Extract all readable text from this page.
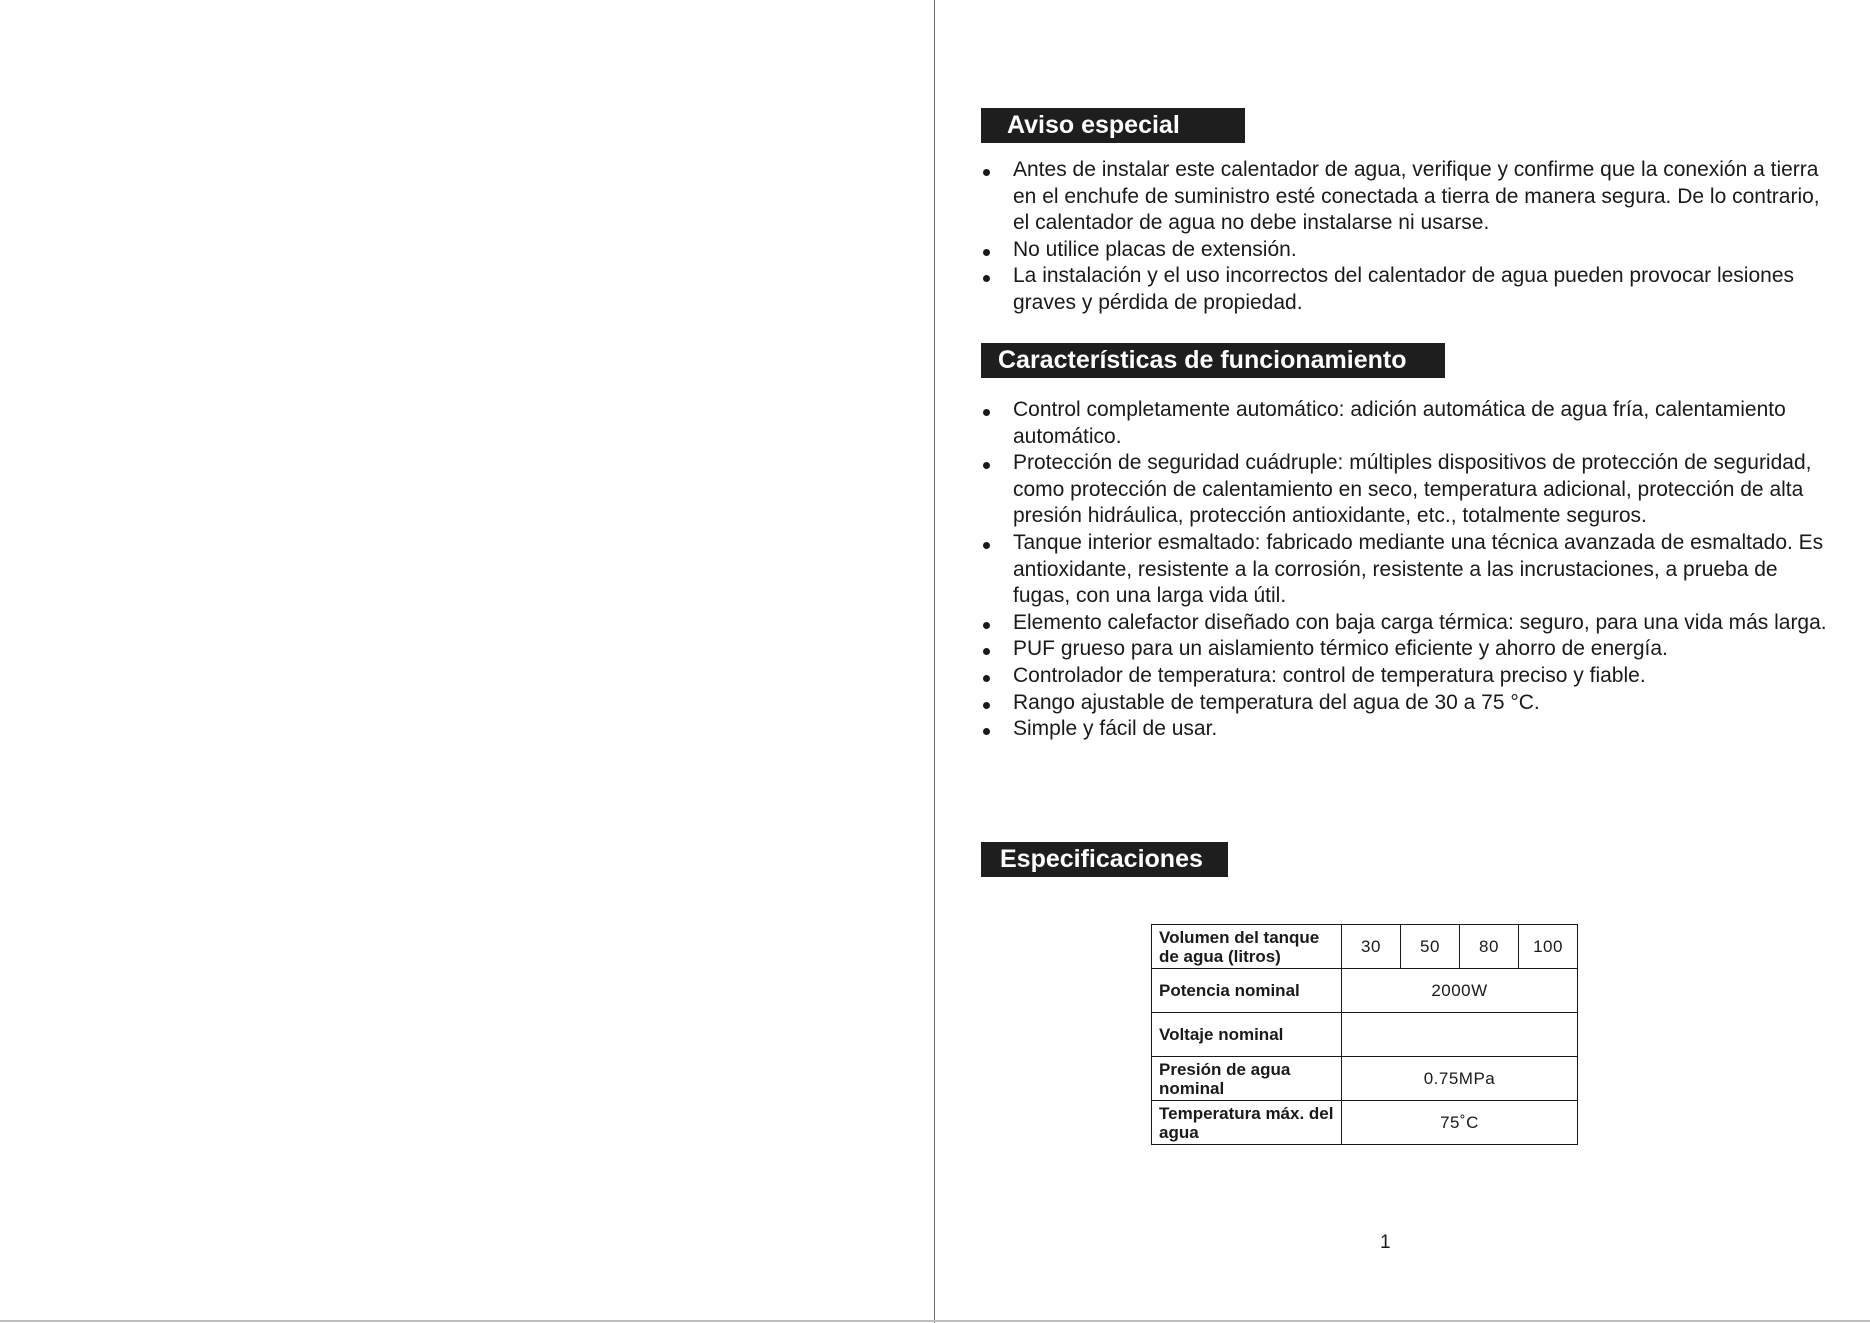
Aviso especial
Antes de instalar este calentador de agua, verifique y confirme que la conexión a tierra en el enchufe de suministro esté conectada a tierra de manera segura. De lo contrario, el calentador de agua no debe instalarse ni usarse.
No utilice placas de extensión.
La instalación y el uso incorrectos del calentador de agua pueden provocar lesiones graves y pérdida de propiedad.
Características de funcionamiento
Control completamente automático: adición automática de agua fría, calentamiento automático.
Protección de seguridad cuádruple: múltiples dispositivos de protección de seguridad, como protección de calentamiento en seco, temperatura adicional, protección de alta presión hidráulica, protección antioxidante, etc., totalmente seguros.
Tanque interior esmaltado: fabricado mediante una técnica avanzada de esmaltado. Es antioxidante, resistente a la corrosión, resistente a las incrustaciones, a prueba de fugas, con una larga vida útil.
Elemento calefactor diseñado con baja carga térmica: seguro, para una vida más larga.
PUF grueso para un aislamiento térmico eficiente y ahorro de energía.
Controlador de temperatura: control de temperatura preciso y fiable.
Rango ajustable de temperatura del agua de 30 a 75 °C.
Simple y fácil de usar.
Especificaciones
Volumen del tanque de agua (litros)	30	50	80	100
Potencia nominal	2000W			
Voltaje nominal				
Presión de agua nominal	0.75MPa			
Temperatura máx. del agua	75˚C			
1
